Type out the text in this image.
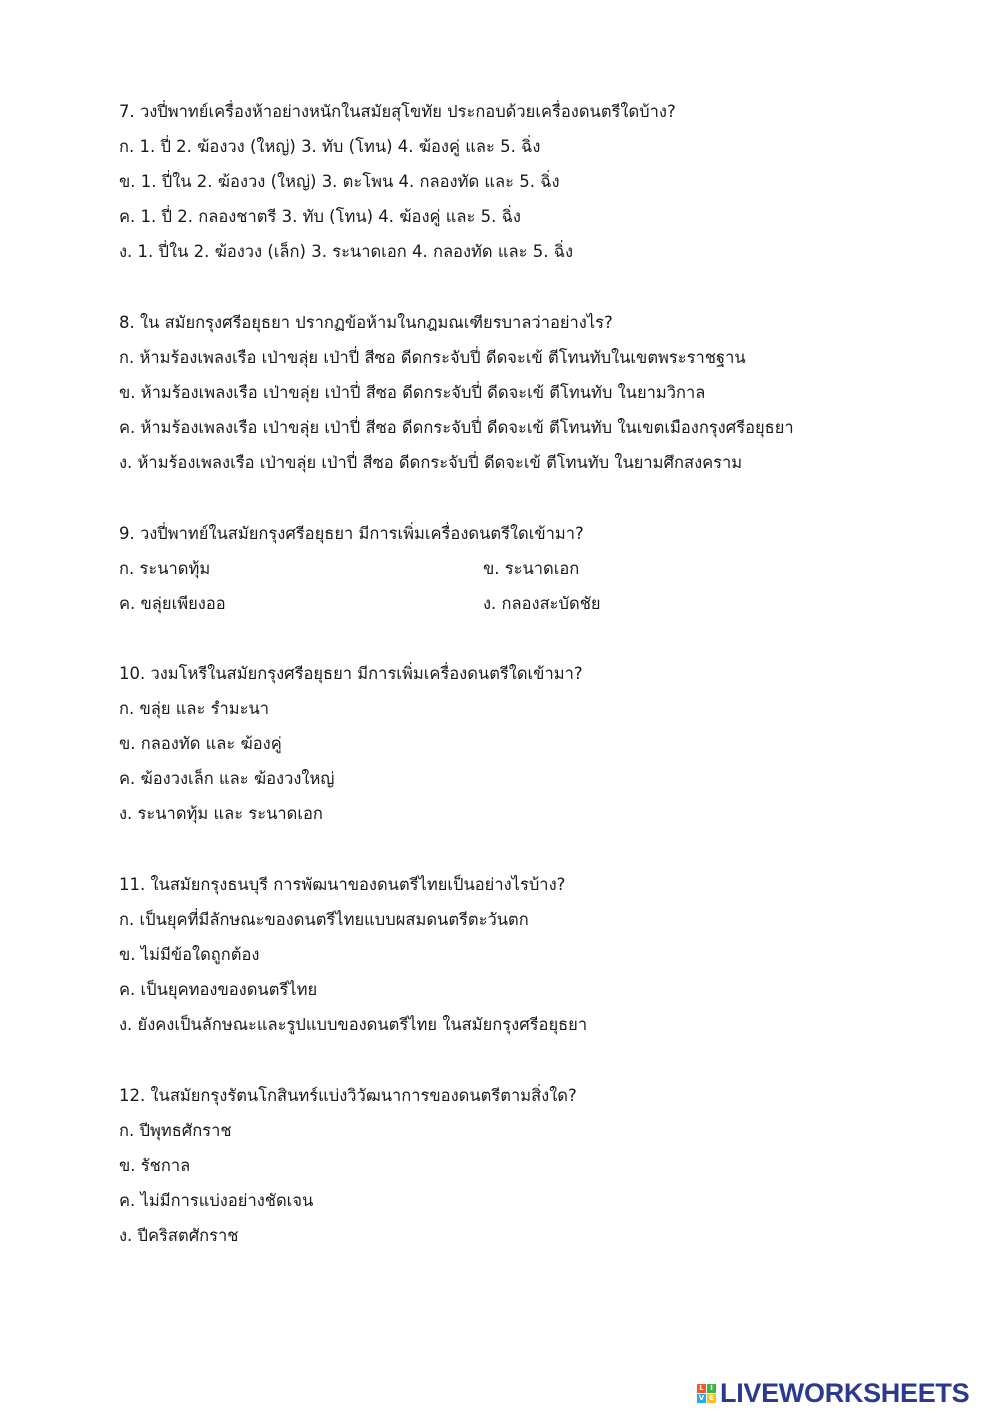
7. วงปี่พาทย์เครื่องห้าอย่างหนักในสมัยสุโขทัย ประกอบด้วยเครื่องดนตรีใดบ้าง?
ก. 1. ปี่ 2. ฆ้องวง (ใหญ่) 3. ทับ (โทน) 4. ฆ้องคู่ และ 5. ฉิ่ง
ข. 1. ปี่ใน 2. ฆ้องวง (ใหญ่) 3. ตะโพน 4. กลองทัด และ 5. ฉิ่ง
ค. 1. ปี่ 2. กลองชาตรี 3. ทับ (โทน) 4. ฆ้องคู่ และ 5. ฉิ่ง
ง. 1. ปี่ใน 2. ฆ้องวง (เล็ก) 3. ระนาดเอก 4. กลองทัด และ 5. ฉิ่ง
8. ใน สมัยกรุงศรีอยุธยา ปรากฏข้อห้ามในกฎมณเฑียรบาลว่าอย่างไร?
ก. ห้ามร้องเพลงเรือ เป่าขลุ่ย เป่าปี่ สีซอ ดีดกระจับปี่ ดีดจะเข้ ตีโทนทับในเขตพระราชฐาน
ข. ห้ามร้องเพลงเรือ เป่าขลุ่ย เป่าปี่ สีซอ ดีดกระจับปี่ ดีดจะเข้ ตีโทนทับ ในยามวิกาล
ค. ห้ามร้องเพลงเรือ เป่าขลุ่ย เป่าปี่ สีซอ ดีดกระจับปี่ ดีดจะเข้ ตีโทนทับ ในเขตเมืองกรุงศรีอยุธยา
ง. ห้ามร้องเพลงเรือ เป่าขลุ่ย เป่าปี่ สีซอ ดีดกระจับปี่ ดีดจะเข้ ตีโทนทับ ในยามศึกสงคราม
9. วงปี่พาทย์ในสมัยกรุงศรีอยุธยา มีการเพิ่มเครื่องดนตรีใดเข้ามา?
ก. ระนาดทุ้ม	ข. ระนาดเอก
ค. ขลุ่ยเพียงออ	ง. กลองสะบัดชัย
10. วงมโหรีในสมัยกรุงศรีอยุธยา มีการเพิ่มเครื่องดนตรีใดเข้ามา?
ก. ขลุ่ย และ รำมะนา
ข. กลองทัด และ ฆ้องคู่
ค. ฆ้องวงเล็ก และ ฆ้องวงใหญ่
ง. ระนาดทุ้ม และ ระนาดเอก
11. ในสมัยกรุงธนบุรี การพัฒนาของดนตรีไทยเป็นอย่างไรบ้าง?
ก. เป็นยุคที่มีลักษณะของดนตรีไทยแบบผสมดนตรีตะวันตก
ข. ไม่มีข้อใดถูกต้อง
ค. เป็นยุคทองของดนตรีไทย
ง. ยังคงเป็นลักษณะและรูปแบบของดนตรีไทย ในสมัยกรุงศรีอยุธยา
12. ในสมัยกรุงรัตนโกสินทร์แบ่งวิวัฒนาการของดนตรีตามสิ่งใด?
ก. ปีพุทธศักราช
ข. รัชกาล
ค. ไม่มีการแบ่งอย่างชัดเจน
ง. ปีคริสตศักราช
L I
V E LIVEWORKSHEETS
